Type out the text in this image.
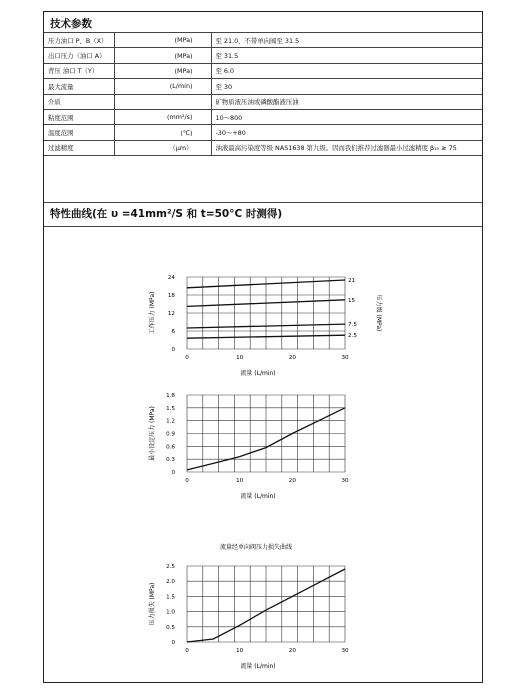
技术参数
压力油口 P、B（X）	(MPa)	至 21.0，不带单向阀至 31.5
出口压力（油口 A）	(MPa)	至 31.5
背压 油口 T（Y）	(MPa)	至 6.0
最大流量	(L/min)	至 30
介质		矿物质液压油或磷酸酯液压油
粘度范围	(mm²/s)	10～800
温度范围	(℃)	-30～+80
过滤精度	（μm）	油液最高污染度等级 NAS1638 第九级。因而我们推荐过滤器最小过滤精度 β₁₀ ≥ 75
特性曲线(在 υ =41mm²/S 和 t=50°C 时测得)
0
6
12
18
24
0	10	20	30
流量 (L/min)
工作压力 (MPa)	压力级 (MPa)
21
15
7.5
2.5
0
0.3
0.6
0.9
1.2
1.5
1.8
0	10	20	30
流量 (L/min)
最小设定压力 (MPa)
0
0.5
1.0
1.5
2.0
2.5
0	10	20	30
流量 (L/min)
压力损失 (MPa)
流量经单向阀压力损失曲线
